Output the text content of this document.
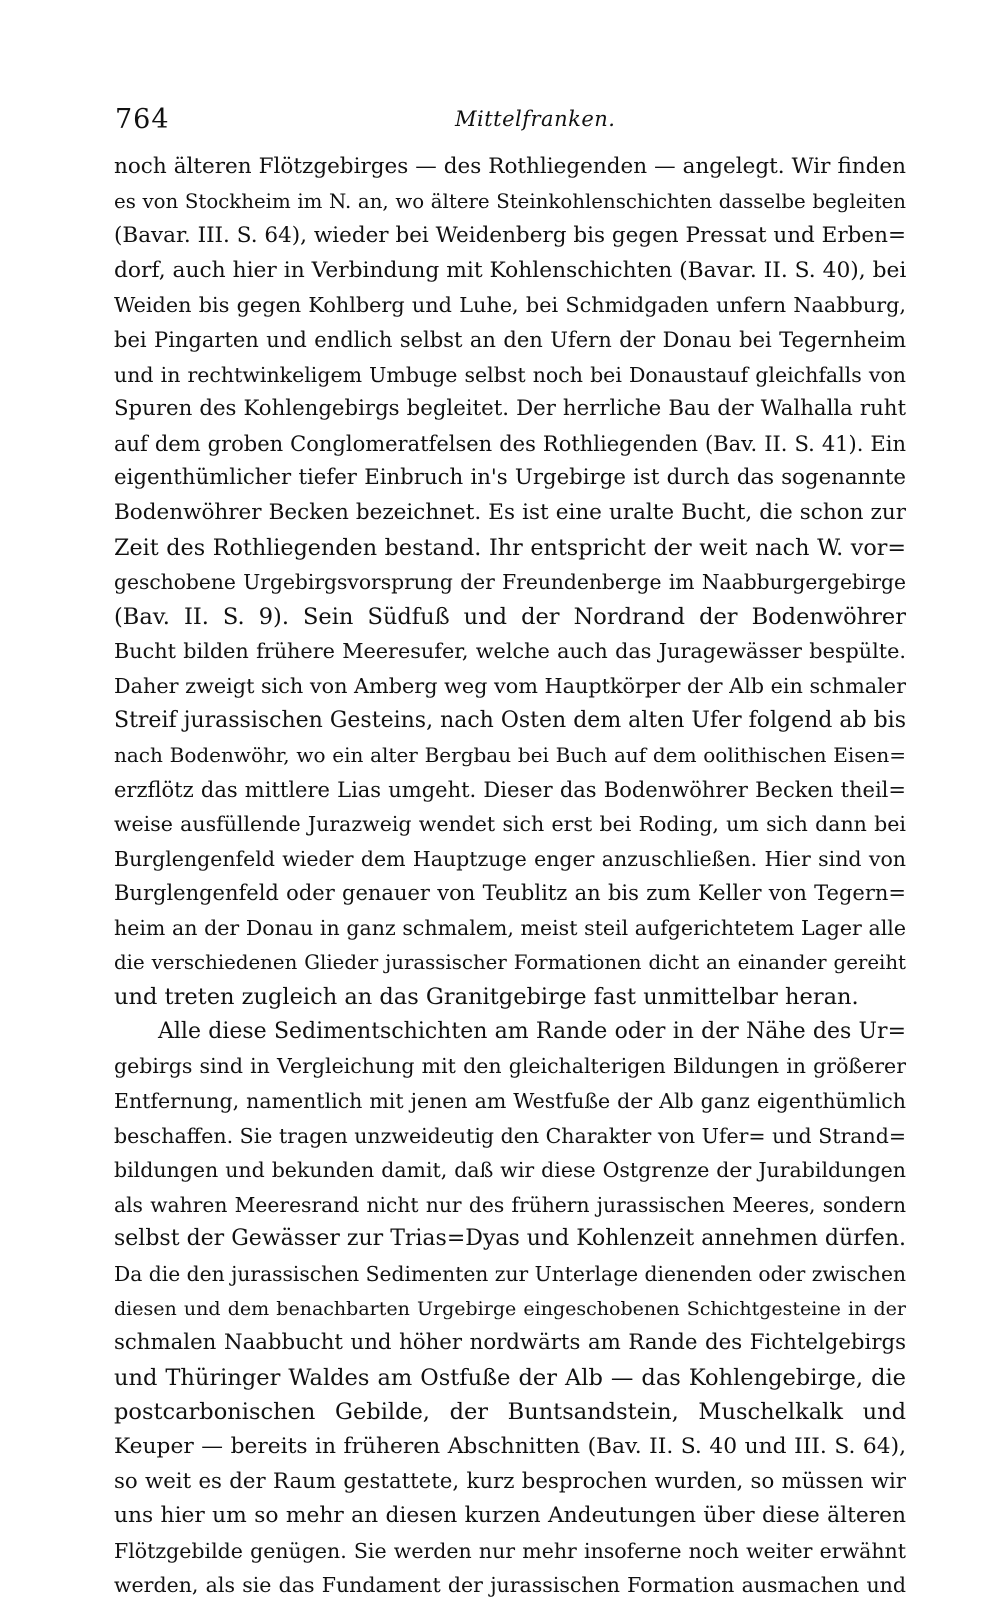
764	Mittelfranken.
noch älteren Flötzgebirges — des Rothliegenden — angelegt. Wir finden
es von Stockheim im N. an, wo ältere Steinkohlenschichten dasselbe begleiten
(Bavar. III. S. 64), wieder bei Weidenberg bis gegen Pressat und Erben=
dorf, auch hier in Verbindung mit Kohlenschichten (Bavar. II. S. 40), bei
Weiden bis gegen Kohlberg und Luhe, bei Schmidgaden unfern Naabburg,
bei Pingarten und endlich selbst an den Ufern der Donau bei Tegernheim
und in rechtwinkeligem Umbuge selbst noch bei Donaustauf gleichfalls von
Spuren des Kohlengebirgs begleitet. Der herrliche Bau der Walhalla ruht
auf dem groben Conglomeratfelsen des Rothliegenden (Bav. II. S. 41). Ein
eigenthümlicher tiefer Einbruch in's Urgebirge ist durch das sogenannte
Bodenwöhrer Becken bezeichnet. Es ist eine uralte Bucht, die schon zur
Zeit des Rothliegenden bestand. Ihr entspricht der weit nach W. vor=
geschobene Urgebirgsvorsprung der Freundenberge im Naabburgergebirge
(Bav. II. S. 9). Sein Südfuß und der Nordrand der Bodenwöhrer
Bucht bilden frühere Meeresufer, welche auch das Juragewässer bespülte.
Daher zweigt sich von Amberg weg vom Hauptkörper der Alb ein schmaler
Streif jurassischen Gesteins, nach Osten dem alten Ufer folgend ab bis
nach Bodenwöhr, wo ein alter Bergbau bei Buch auf dem oolithischen Eisen=
erzflötz das mittlere Lias umgeht. Dieser das Bodenwöhrer Becken theil=
weise ausfüllende Jurazweig wendet sich erst bei Roding, um sich dann bei
Burglengenfeld wieder dem Hauptzuge enger anzuschließen. Hier sind von
Burglengenfeld oder genauer von Teublitz an bis zum Keller von Tegern=
heim an der Donau in ganz schmalem, meist steil aufgerichtetem Lager alle
die verschiedenen Glieder jurassischer Formationen dicht an einander gereiht
und treten zugleich an das Granitgebirge fast unmittelbar heran.
Alle diese Sedimentschichten am Rande oder in der Nähe des Ur=
gebirgs sind in Vergleichung mit den gleichalterigen Bildungen in größerer
Entfernung, namentlich mit jenen am Westfuße der Alb ganz eigenthümlich
beschaffen. Sie tragen unzweideutig den Charakter von Ufer= und Strand=
bildungen und bekunden damit, daß wir diese Ostgrenze der Jurabildungen
als wahren Meeresrand nicht nur des frühern jurassischen Meeres, sondern
selbst der Gewässer zur Trias=Dyas und Kohlenzeit annehmen dürfen.
Da die den jurassischen Sedimenten zur Unterlage dienenden oder zwischen
diesen und dem benachbarten Urgebirge eingeschobenen Schichtgesteine in der
schmalen Naabbucht und höher nordwärts am Rande des Fichtelgebirgs
und Thüringer Waldes am Ostfuße der Alb — das Kohlengebirge, die
postcarbonischen Gebilde, der Buntsandstein, Muschelkalk und
Keuper — bereits in früheren Abschnitten (Bav. II. S. 40 und III. S. 64),
so weit es der Raum gestattete, kurz besprochen wurden, so müssen wir
uns hier um so mehr an diesen kurzen Andeutungen über diese älteren
Flötzgebilde genügen. Sie werden nur mehr insoferne noch weiter erwähnt
werden, als sie das Fundament der jurassischen Formation ausmachen und
